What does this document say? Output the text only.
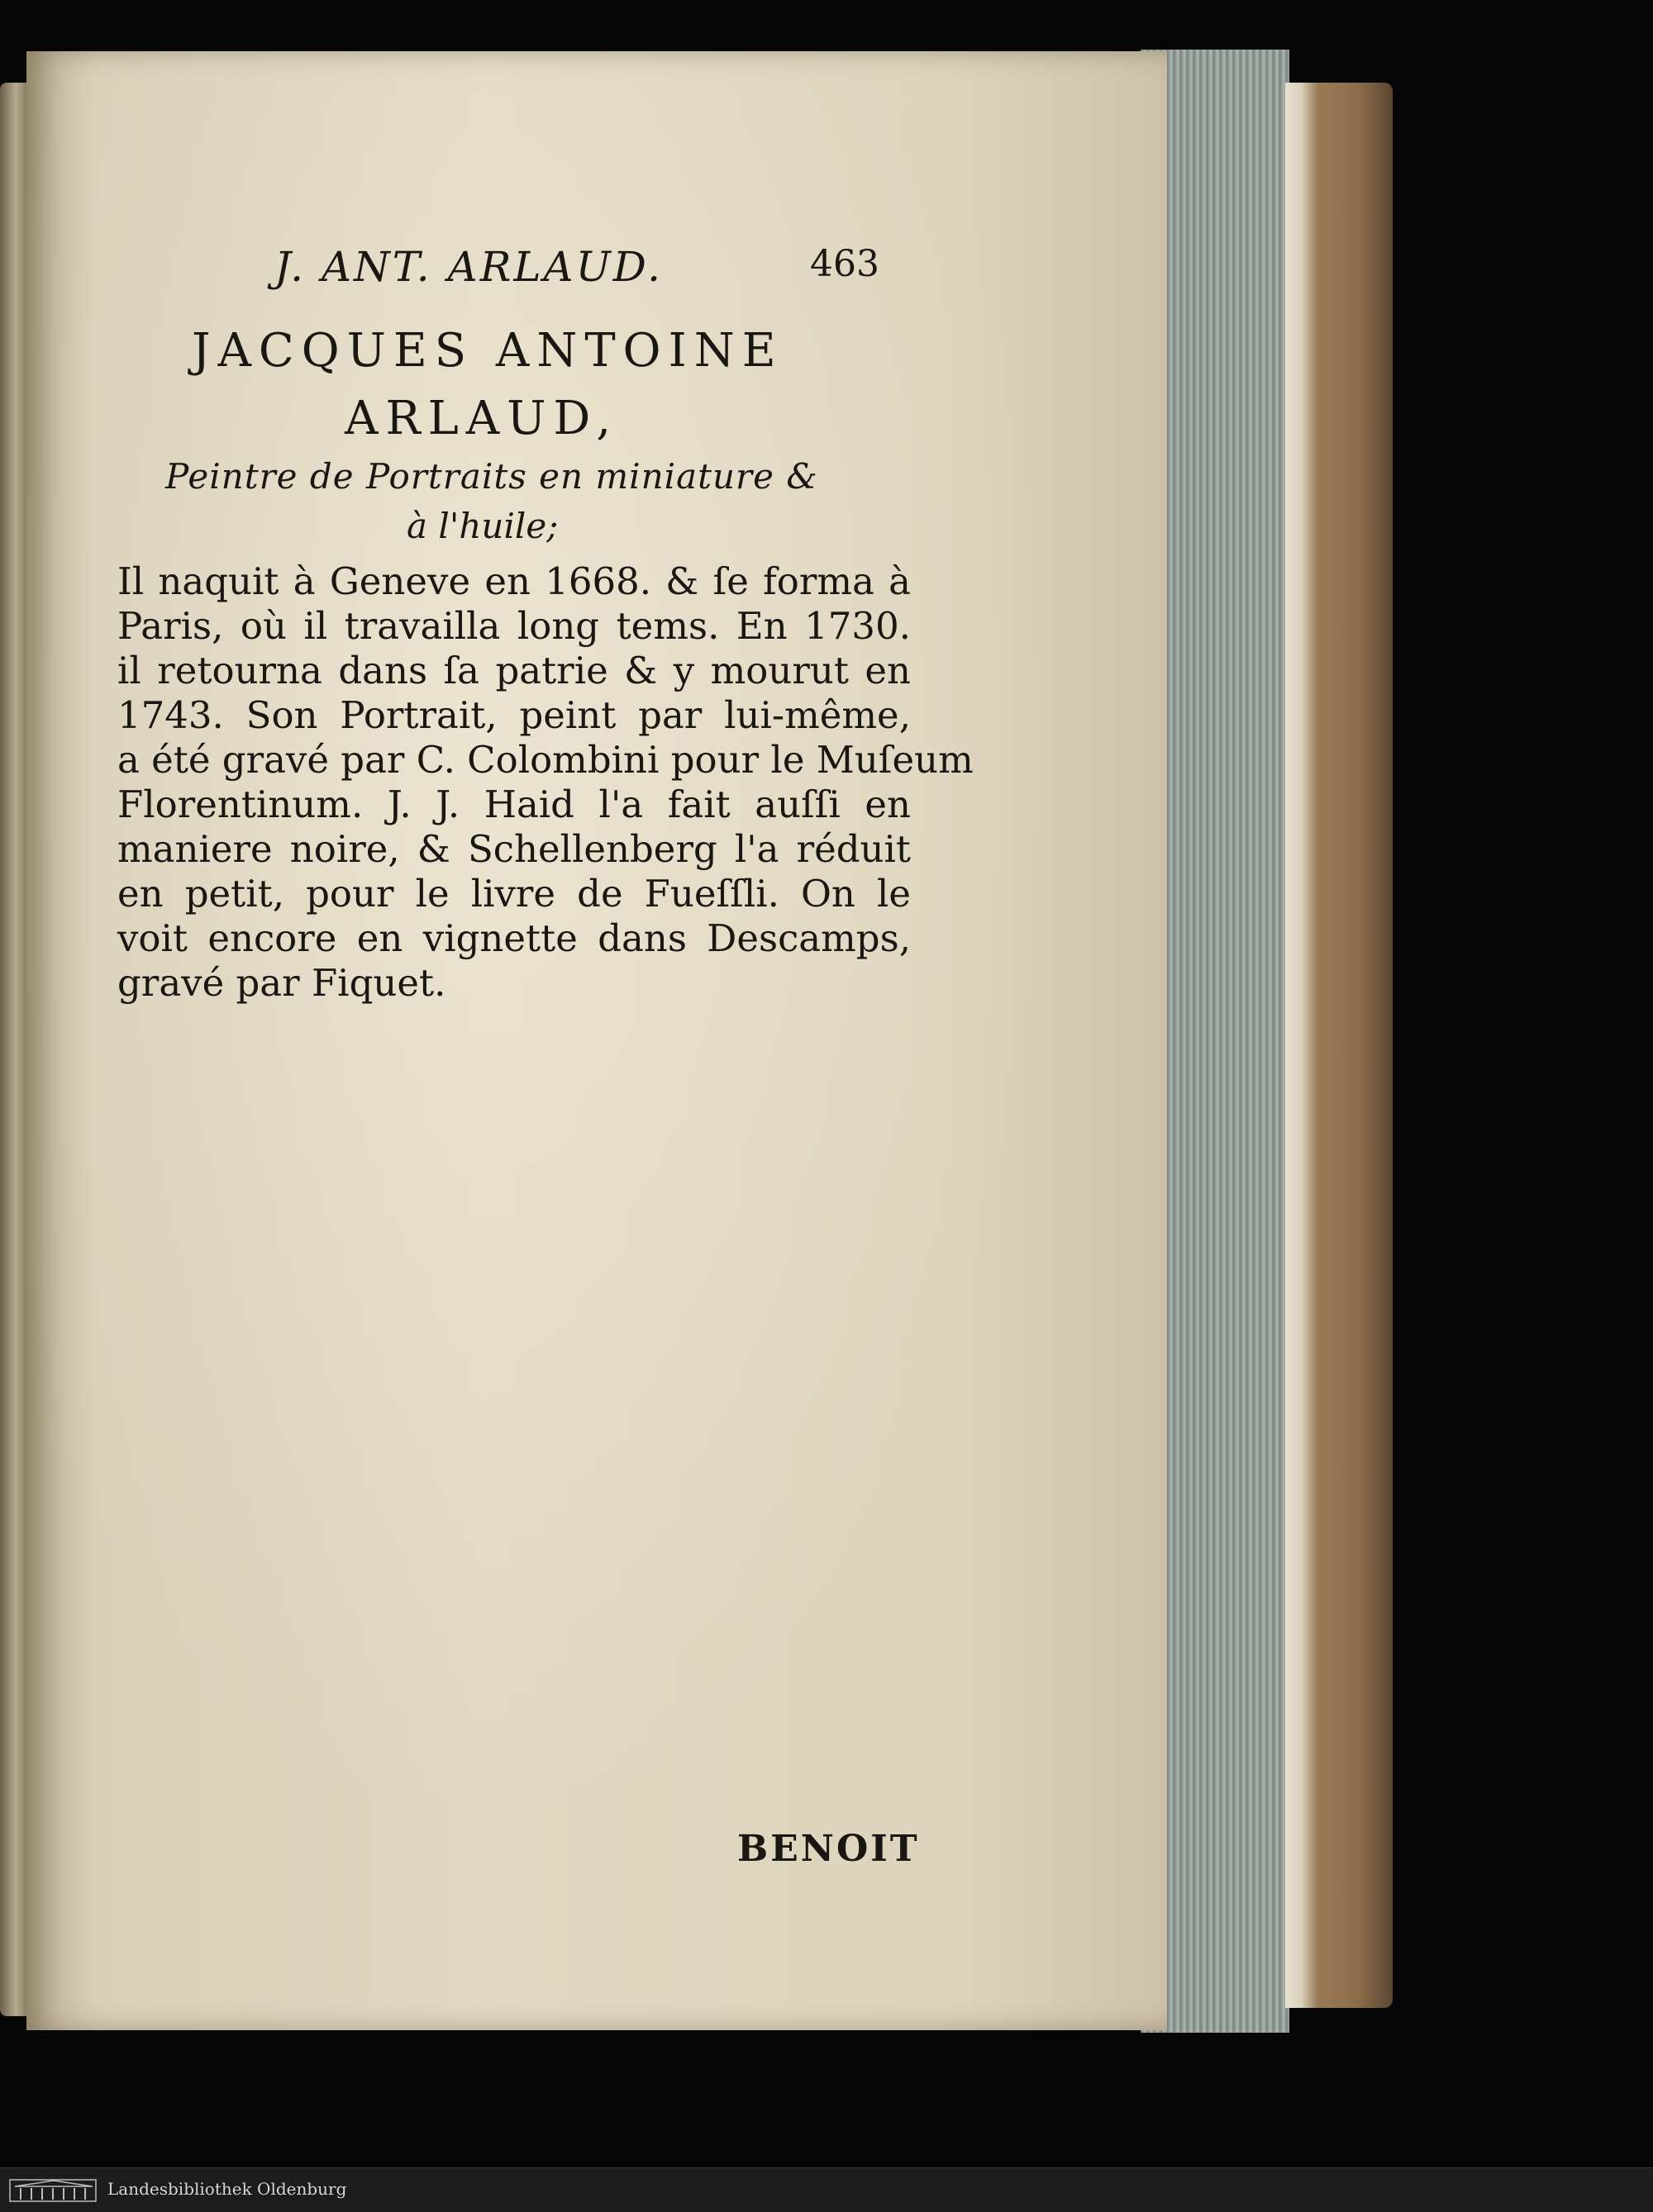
J. ANT. ARLAUD.	463
JACQUES ANTOINE
ARLAUD,
Peintre de Portraits en miniature &
à l'huile;
Il naquit à Geneve en 1668. & ſe forma à
Paris, où il travailla long tems. En 1730.
il retourna dans ſa patrie & y mourut en
1743. Son Portrait, peint par lui-même,
a été gravé par C. Colombini pour le Muſeum
Florentinum. J. J. Haid l'a fait auſſi en
maniere noire, & Schellenberg l'a réduit
en petit, pour le livre de Fueſſli. On le
voit encore en vignette dans Descamps,
gravé par Fiquet.
BENOIT
Landesbibliothek Oldenburg
